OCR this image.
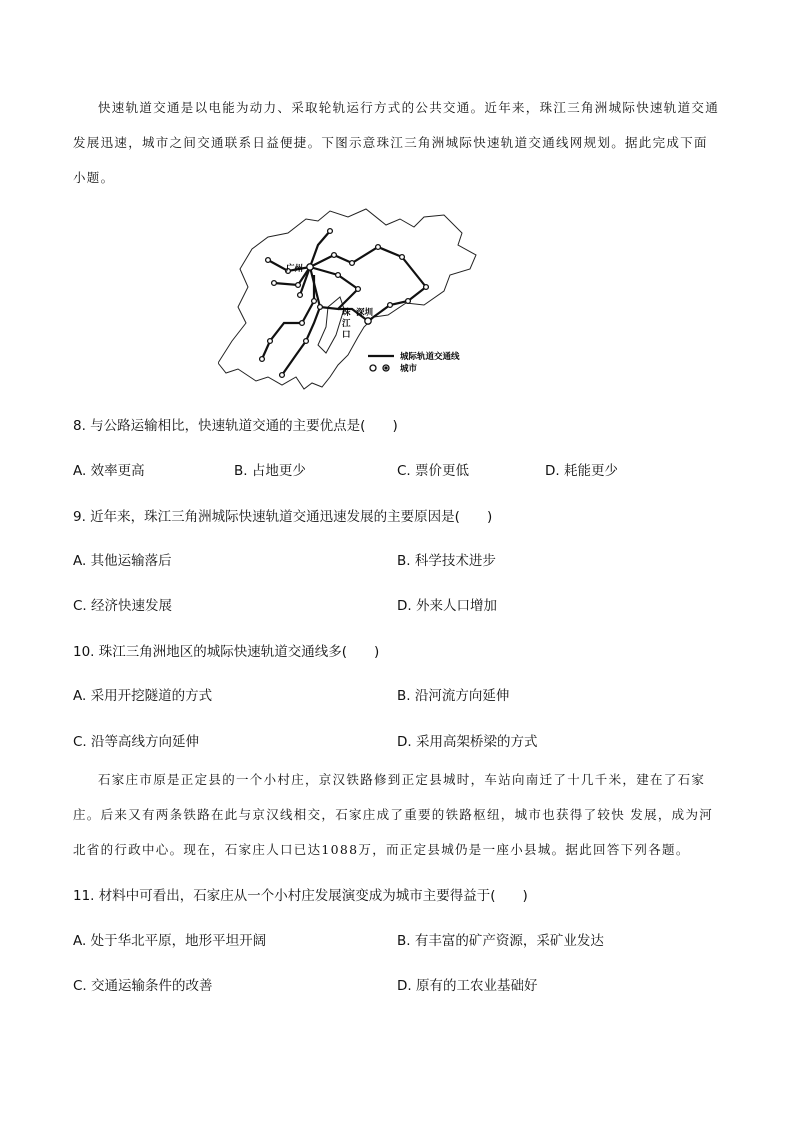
快速轨道交通是以电能为动力、采取轮轨运行方式的公共交通。近年来，珠江三角洲城际快速轨道交通发展迅速，城市之间交通联系日益便捷。下图示意珠江三角洲城际快速轨道交通线网规划。据此完成下面小题。
广州
深圳
珠
江
口
城际轨道交通线
城市
8. 与公路运输相比，快速轨道交通的主要优点是(　　)
A. 效率更高	B. 占地更少	C. 票价更低	D. 耗能更少
9. 近年来，珠江三角洲城际快速轨道交通迅速发展的主要原因是(　　)
A. 其他运输落后	B. 科学技术进步
C. 经济快速发展	D. 外来人口增加
10. 珠江三角洲地区的城际快速轨道交通线多(　　)
A. 采用开挖隧道的方式	B. 沿河流方向延伸
C. 沿等高线方向延伸	D. 采用高架桥梁的方式
石家庄市原是正定县的一个小村庄，京汉铁路修到正定县城时，车站向南迁了十几千米，建在了石家庄。后来又有两条铁路在此与京汉线相交，石家庄成了重要的铁路枢纽，城市也获得了较快 发展，成为河北省的行政中心。现在，石家庄人口已达1088万，而正定县城仍是一座小县城。据此回答下列各题。
11. 材料中可看出，石家庄从一个小村庄发展演变成为城市主要得益于(　　)
A. 处于华北平原，地形平坦开阔	B. 有丰富的矿产资源，采矿业发达
C. 交通运输条件的改善	D. 原有的工农业基础好
